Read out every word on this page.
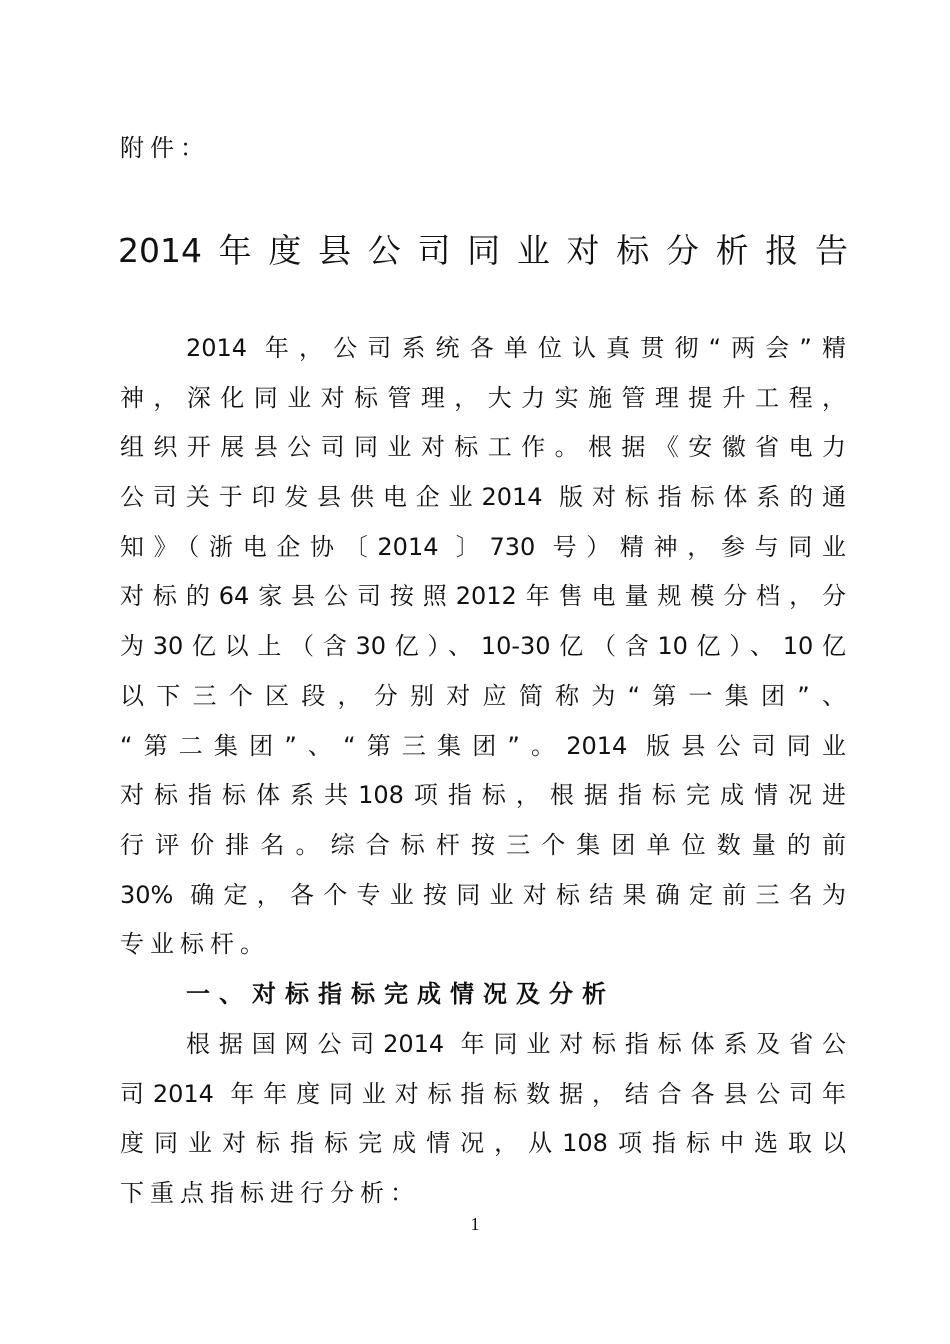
附件：
2014年度县公司同业对标分析报告
2014 年，公司系统各单位认真贯彻“两会”精
神，深化同业对标管理，大力实施管理提升工程，
组织开展县公司同业对标工作。根据《安徽省电力
公司关于印发县供电企业2014 版对标指标体系的通
知》（浙电企协〔2014 〕730 号）精神，参与同业
对标的64家县公司按照2012年售电量规模分档，分
为30亿以上（含30亿）、10-30亿（含10亿）、10亿
以下三个区段，分别对应简称为“第一集团”、
“第二集团”、“第三集团”。2014 版县公司同业
对标指标体系共108项指标，根据指标完成情况进
行评价排名。综合标杆按三个集团单位数量的前
30% 确定，各个专业按同业对标结果确定前三名为
专业标杆。
一、对标指标完成情况及分析
根据国网公司2014 年同业对标指标体系及省公
司2014 年年度同业对标指标数据，结合各县公司年
度同业对标指标完成情况，从108项指标中选取以
下重点指标进行分析：
1
